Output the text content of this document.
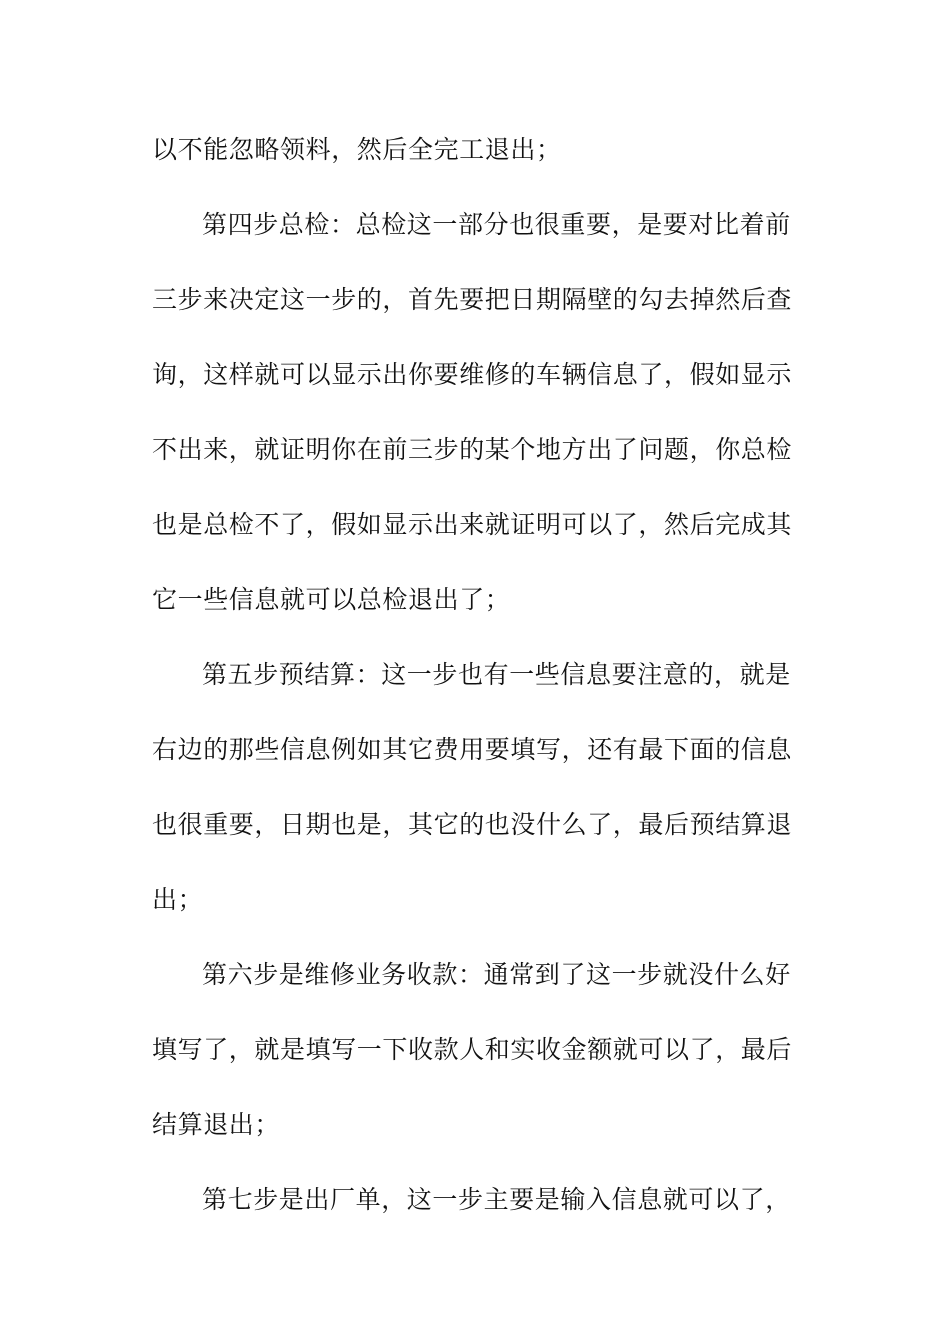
以不能忽略领料，然后全完工退出；

第四步总检：总检这一部分也很重要，是要对比着前

三步来决定这一步的，首先要把日期隔壁的勾去掉然后查

询，这样就可以显示出你要维修的车辆信息了，假如显示

不出来，就证明你在前三步的某个地方出了问题，你总检

也是总检不了，假如显示出来就证明可以了，然后完成其

它一些信息就可以总检退出了；

第五步预结算：这一步也有一些信息要注意的，就是

右边的那些信息例如其它费用要填写，还有最下面的信息

也很重要，日期也是，其它的也没什么了，最后预结算退

出；

第六步是维修业务收款：通常到了这一步就没什么好

填写了，就是填写一下收款人和实收金额就可以了，最后

结算退出；

第七步是出厂单，这一步主要是输入信息就可以了，
